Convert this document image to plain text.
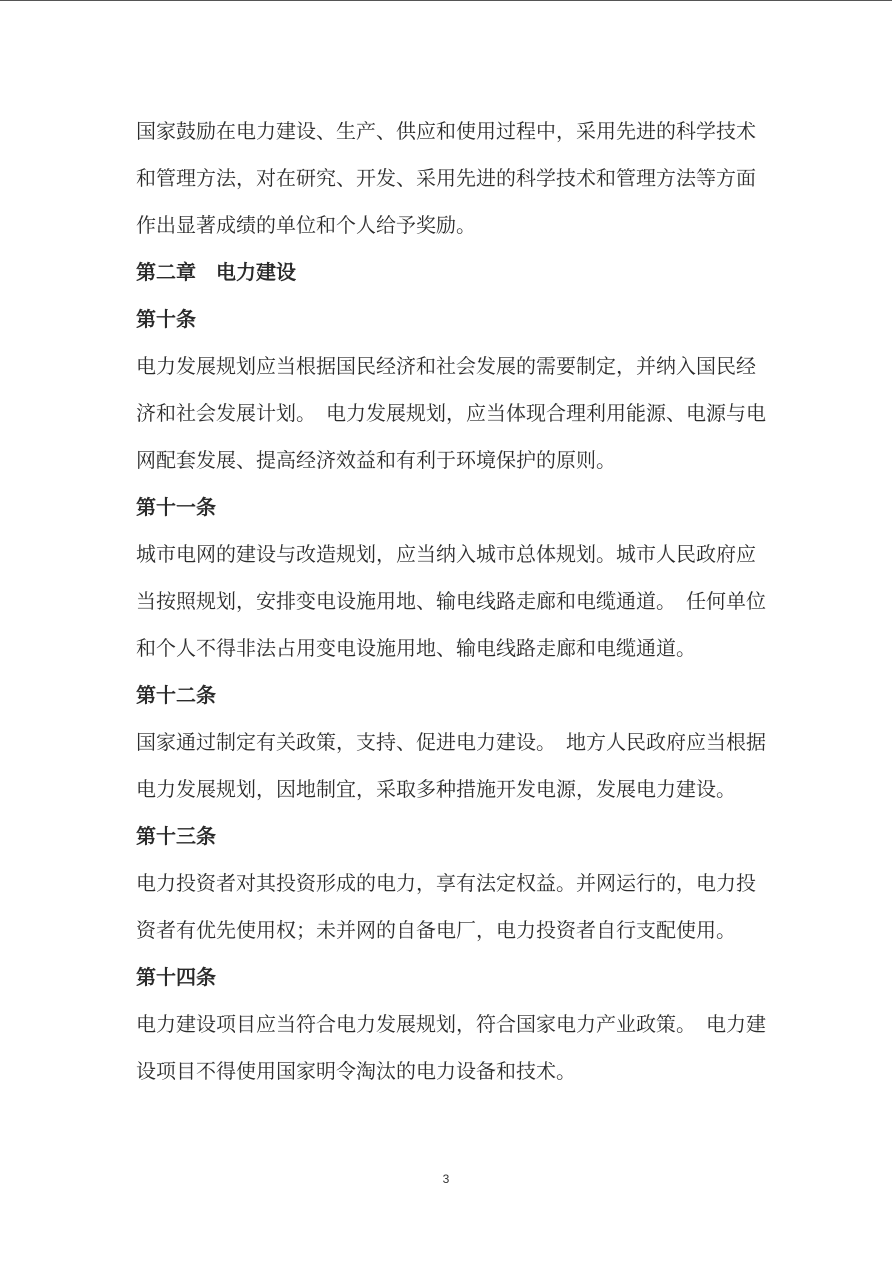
国家鼓励在电力建设、生产、供应和使用过程中，采用先进的科学技术和管理方法，对在研究、开发、采用先进的科学技术和管理方法等方面作出显著成绩的单位和个人给予奖励。

第二章　电力建设
第十条

电力发展规划应当根据国民经济和社会发展的需要制定，并纳入国民经济和社会发展计划。　电力发展规划，应当体现合理利用能源、电源与电网配套发展、提高经济效益和有利于环境保护的原则。

第十一条

城市电网的建设与改造规划，应当纳入城市总体规划。城市人民政府应当按照规划，安排变电设施用地、输电线路走廊和电缆通道。　任何单位和个人不得非法占用变电设施用地、输电线路走廊和电缆通道。

第十二条

国家通过制定有关政策，支持、促进电力建设。　地方人民政府应当根据电力发展规划，因地制宜，采取多种措施开发电源，发展电力建设。

第十三条

电力投资者对其投资形成的电力，享有法定权益。并网运行的，电力投资者有优先使用权；未并网的自备电厂，电力投资者自行支配使用。

第十四条

电力建设项目应当符合电力发展规划，符合国家电力产业政策。　电力建设项目不得使用国家明令淘汰的电力设备和技术。

3
